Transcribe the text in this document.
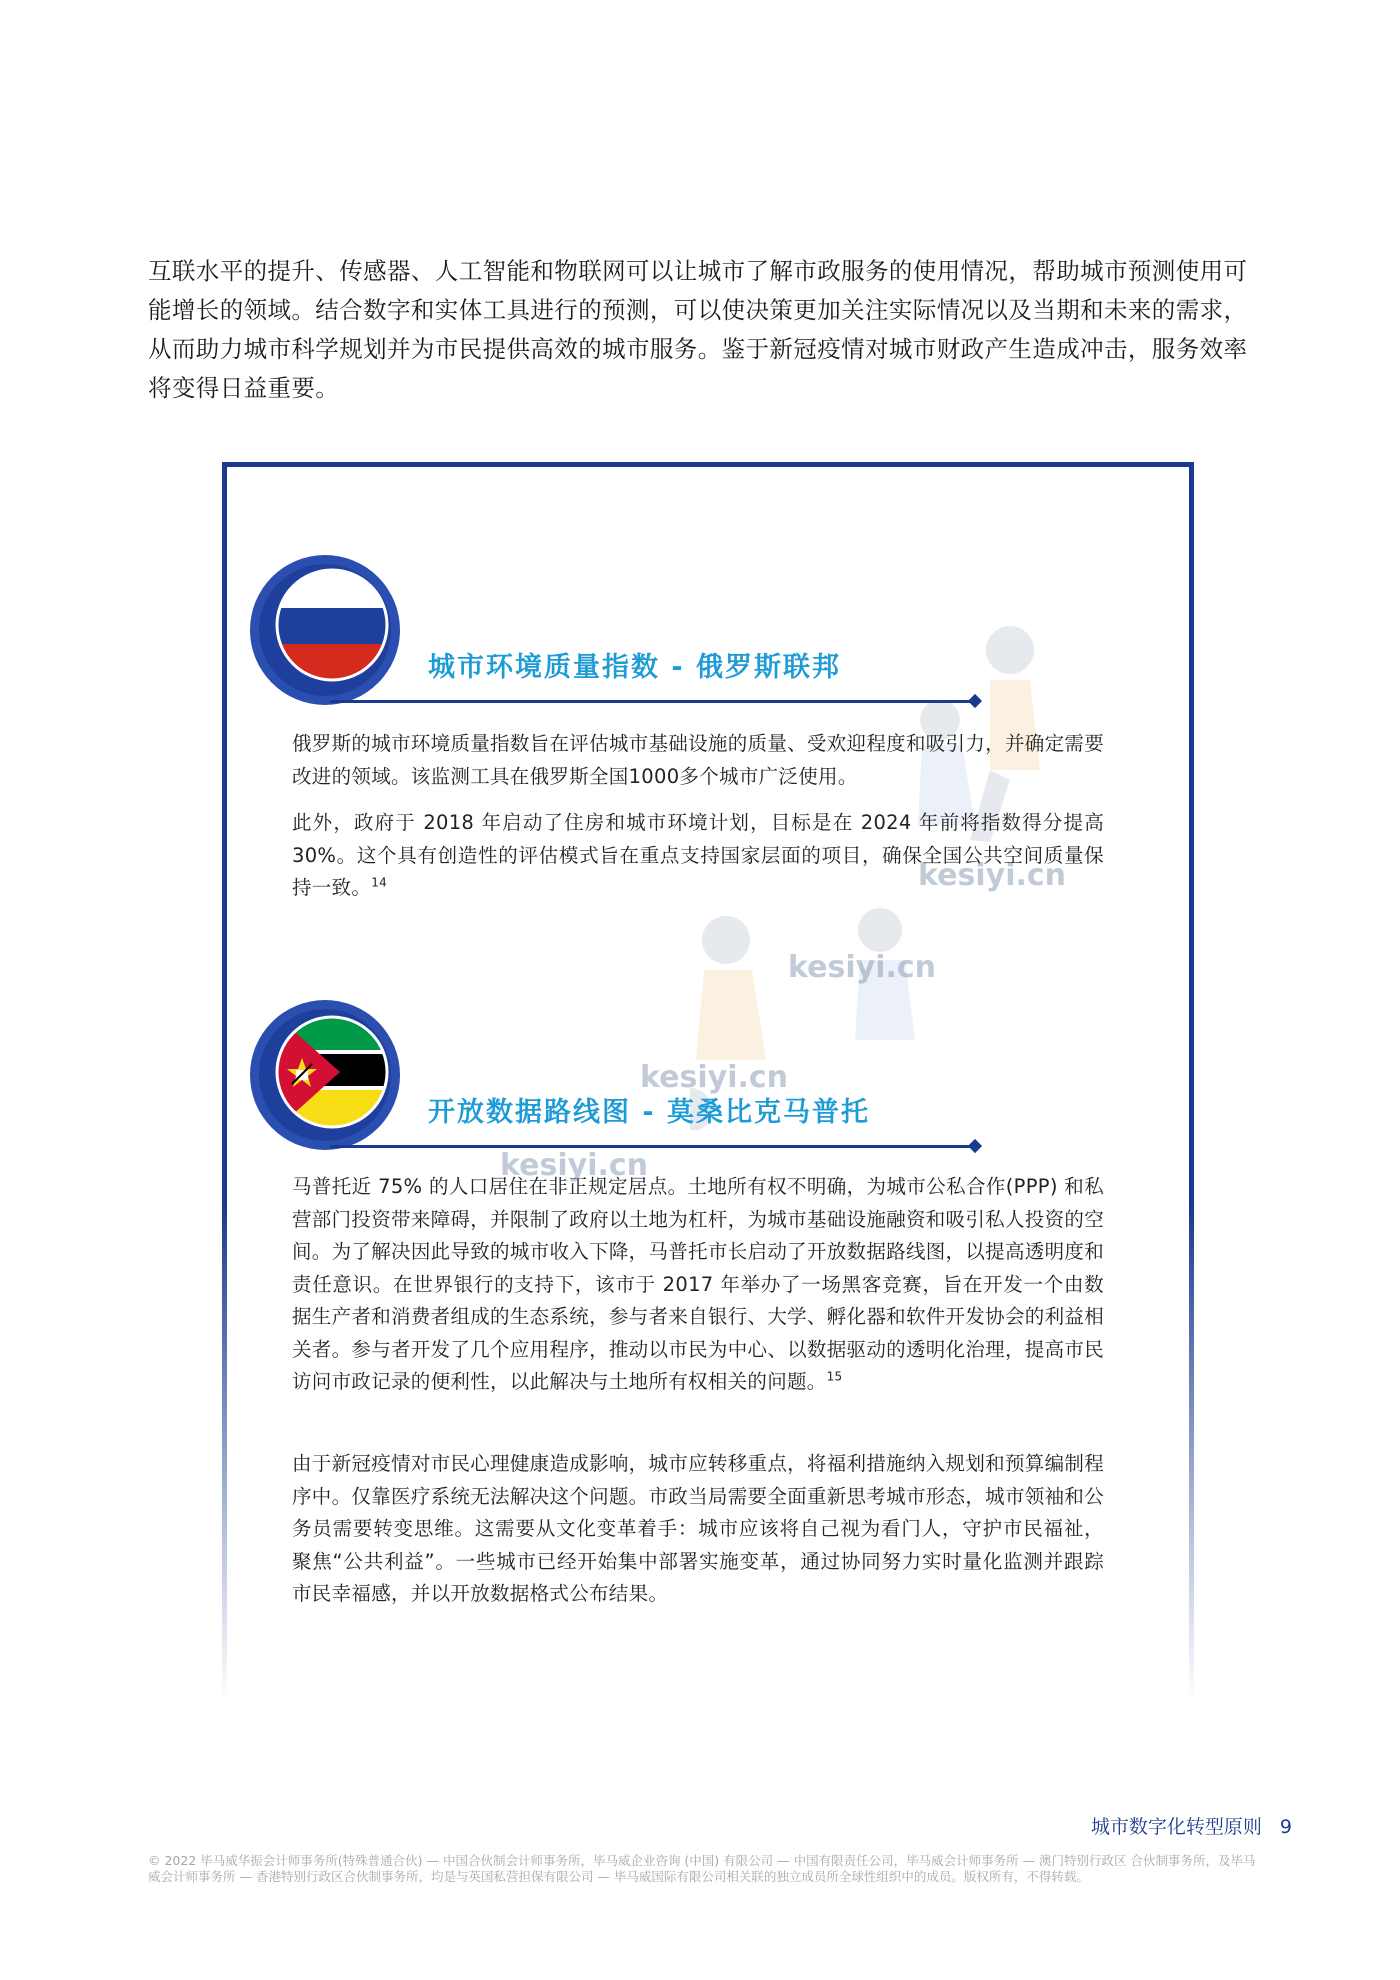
互联水平的提升、传感器、人工智能和物联网可以让城市了解市政服务的使用情况，帮助城市预测使用可能增长的领域。结合数字和实体工具进行的预测，可以使决策更加关注实际情况以及当期和未来的需求，从而助力城市科学规划并为市民提供高效的城市服务。鉴于新冠疫情对城市财政产生造成冲击，服务效率将变得日益重要。

kesiyi.cn
kesiyi.cn
kesiyi.cn
kesiyi.cn
城市环境质量指数 - 俄罗斯联邦

俄罗斯的城市环境质量指数旨在评估城市基础设施的质量、受欢迎程度和吸引力，并确定需要改进的领域。该监测工具在俄罗斯全国1000多个城市广泛使用。

此外，政府于 2018 年启动了住房和城市环境计划，目标是在 2024 年前将指数得分提高 30%。这个具有创造性的评估模式旨在重点支持国家层面的项目，确保全国公共空间质量保持一致。$^{14}$

开放数据路线图 - 莫桑比克马普托

马普托近 75% 的人口居住在非正规定居点。土地所有权不明确，为城市公私合作(PPP) 和私营部门投资带来障碍，并限制了政府以土地为杠杆，为城市基础设施融资和吸引私人投资的空间。为了解决因此导致的城市收入下降，马普托市长启动了开放数据路线图，以提高透明度和责任意识。在世界银行的支持下，该市于 2017 年举办了一场黑客竞赛，旨在开发一个由数据生产者和消费者组成的生态系统，参与者来自银行、大学、孵化器和软件开发协会的利益相关者。参与者开发了几个应用程序，推动以市民为中心、以数据驱动的透明化治理，提高市民访问市政记录的便利性，以此解决与土地所有权相关的问题。$^{15}$

由于新冠疫情对市民心理健康造成影响，城市应转移重点，将福利措施纳入规划和预算编制程序中。仅靠医疗系统无法解决这个问题。市政当局需要全面重新思考城市形态，城市领袖和公务员需要转变思维。这需要从文化变革着手：城市应该将自己视为看门人，守护市民福祉， 聚焦“公共利益”。一些城市已经开始集中部署实施变革，通过协同努力实时量化监测并跟踪市民幸福感，并以开放数据格式公布结果。

城市数字化转型原则 9

© 2022 毕马威华振会计师事务所(特殊普通合伙) — 中国合伙制会计师事务所，毕马威企业咨询 (中国) 有限公司 — 中国有限责任公司，毕马威会计师事务所 — 澳门特别行政区 合伙制事务所，及毕马威会计师事务所 — 香港特别行政区合伙制事务所，均是与英国私营担保有限公司 — 毕马威国际有限公司相关联的独立成员所全球性组织中的成员。版权所有，不得转载。
